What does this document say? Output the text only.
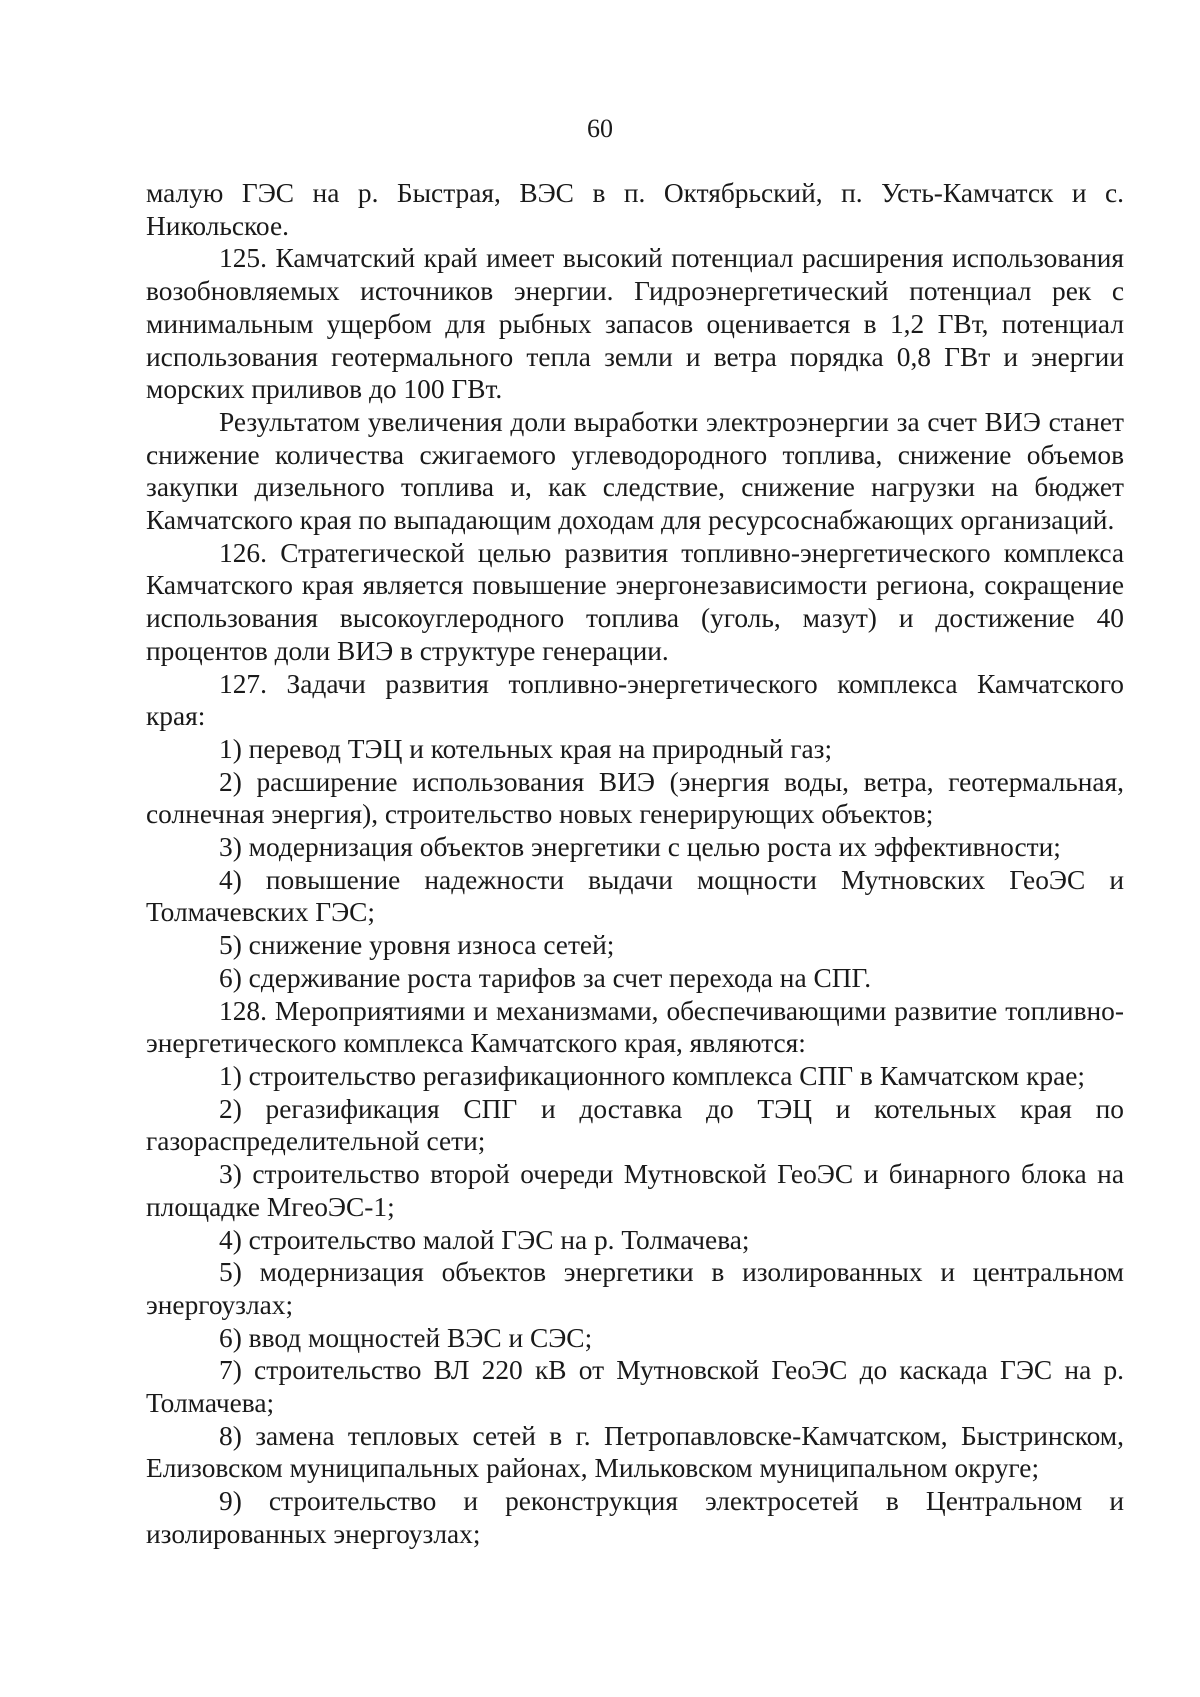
60

малую ГЭС на р. Быстрая, ВЭС в п. Октябрьский, п. Усть-Камчатск и с. Никольское.

125. Камчатский край имеет высокий потенциал расширения использования возобновляемых источников энергии. Гидроэнергетический потенциал рек с минимальным ущербом для рыбных запасов оценивается в 1,2 ГВт, потенциал использования геотермального тепла земли и ветра порядка 0,8 ГВт и энергии морских приливов до 100 ГВт.

Результатом увеличения доли выработки электроэнергии за счет ВИЭ станет снижение количества сжигаемого углеводородного топлива, снижение объемов закупки дизельного топлива и, как следствие, снижение нагрузки на бюджет Камчатского края по выпадающим доходам для ресурсоснабжающих организаций.

126. Стратегической целью развития топливно-энергетического комплекса Камчатского края является повышение энергонезависимости региона, сокращение использования высокоуглеродного топлива (уголь, мазут) и достижение 40 процентов доли ВИЭ в структуре генерации.

127. Задачи развития топливно-энергетического комплекса Камчатского края:

1) перевод ТЭЦ и котельных края на природный газ;

2) расширение использования ВИЭ (энергия воды, ветра, геотермальная, солнечная энергия), строительство новых генерирующих объектов;

3) модернизация объектов энергетики с целью роста их эффективности;

4) повышение надежности выдачи мощности Мутновских ГеоЭС и Толмачевских ГЭС;

5) снижение уровня износа сетей;

6) сдерживание роста тарифов за счет перехода на СПГ.

128. Мероприятиями и механизмами, обеспечивающими развитие топливно-энергетического комплекса Камчатского края, являются:

1) строительство регазификационного комплекса СПГ в Камчатском крае;

2) регазификация СПГ и доставка до ТЭЦ и котельных края по газораспределительной сети;

3) строительство второй очереди Мутновской ГеоЭС и бинарного блока на площадке МгеоЭС-1;

4) строительство малой ГЭС на р. Толмачева;

5) модернизация объектов энергетики в изолированных и центральном энергоузлах;

6) ввод мощностей ВЭС и СЭС;

7) строительство ВЛ 220 кВ от Мутновской ГеоЭС до каскада ГЭС на р. Толмачева;

8) замена тепловых сетей в г. Петропавловске-Камчатском, Быстринском, Елизовском муниципальных районах, Мильковском муниципальном округе;

9) строительство и реконструкция электросетей в Центральном и изолированных энергоузлах;
